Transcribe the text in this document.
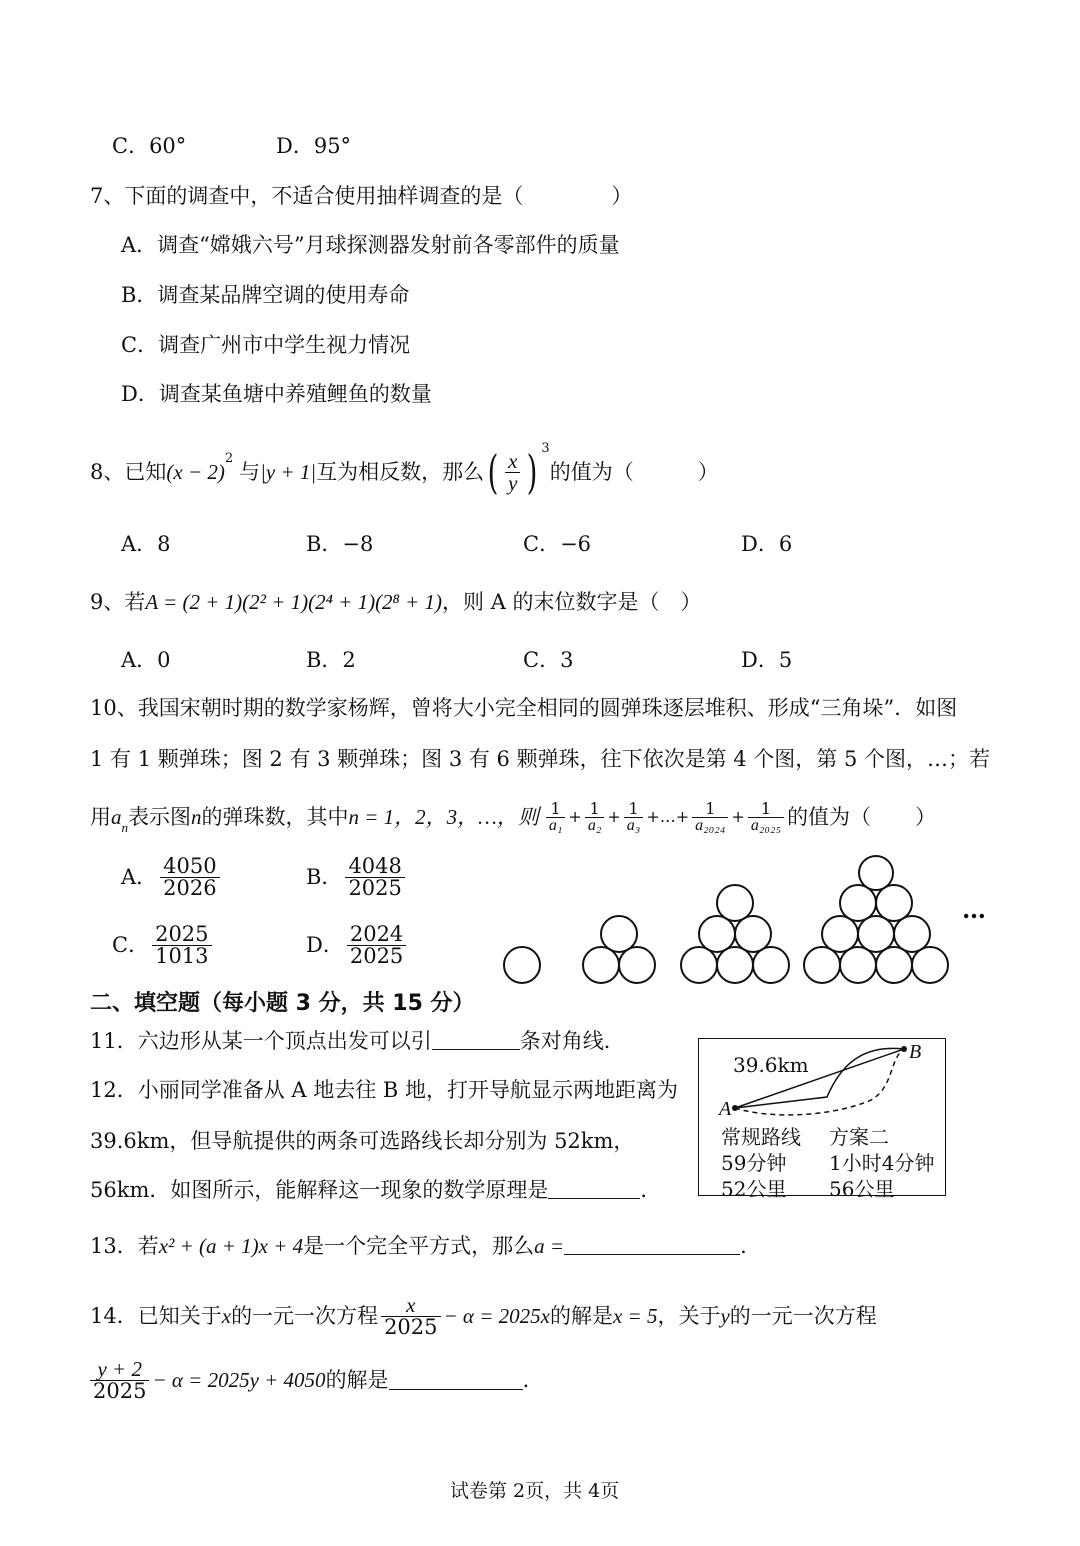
C．60°	D．95°
7、下面的调查中，不适合使用抽样调查的是（	）
A．调查“嫦娥六号”月球探测器发射前各零部件的质量
B．调查某品牌空调的使用寿命
C．调查广州市中学生视力情况
D．调查某鱼塘中养殖鲤鱼的数量
8、已知 (x − 2)
$^2$
与 |y + 1| 互为相反数，那么 ( $\frac{x}{y}$ ) $^3$
的值为（	）
A．8	B．−8	C．−6	D．6
9、若A = (2 + 1)(2² + 1)(2⁴ + 1)(2⁸ + 1)，则 A 的末位数字是（　）
A．0	B．2	C．3	D．5
10、我国宋朝时期的数学家杨辉，曾将大小完全相同的圆弹珠逐层堆积、形成“三角垛”．如图
1 有 1 颗弹珠；图 2 有 3 颗弹珠；图 3 有 6 颗弹珠，往下依次是第 4 个图，第 5 个图，…；若
用 $a_n$ 表示图 n 的弹珠数，其中 n = 1，2，3，…，则 $\frac{1}{\text{a₁}} + \frac{1}{\text{a₂}} + \frac{1}{\text{a₃}}$ +…+ $\frac{1}{\text{a₂₀₂₄}} + \frac{1}{\text{a₂₀₂₅}}$ 的值为（ ）
A． $\frac{4050}{2026}$	B． $\frac{4048}{2025}$
C． $\frac{2025}{1013}$	D． $\frac{2024}{2025}$
…
二、填空题（每小题 3 分，共 15 分）
11．六边形从某一个顶点出发可以引	条对角线．
12．小丽同学准备从 A 地去往 B 地，打开导航显示两地距离为
39.6km，但导航提供的两条可选路线长却分别为 52km，
56km．如图所示，能解释这一现象的数学原理是	．
39.6km
A
B
常规路线 方案二
59分钟 1小时4分钟
52公里 56公里
13．若x² + (a + 1)x + 4是一个完全平方式，那么a =	．
14．已知关于 x 的一元一次方程 $\frac{x}{2025} - \alpha = 2025x$ 的解是 x = 5 ，关于 y 的一元一次方程
$\frac{y + 2}{2025} - \alpha = 2025y + 4050$ 的解是	．
试卷第 2页，共 4页
